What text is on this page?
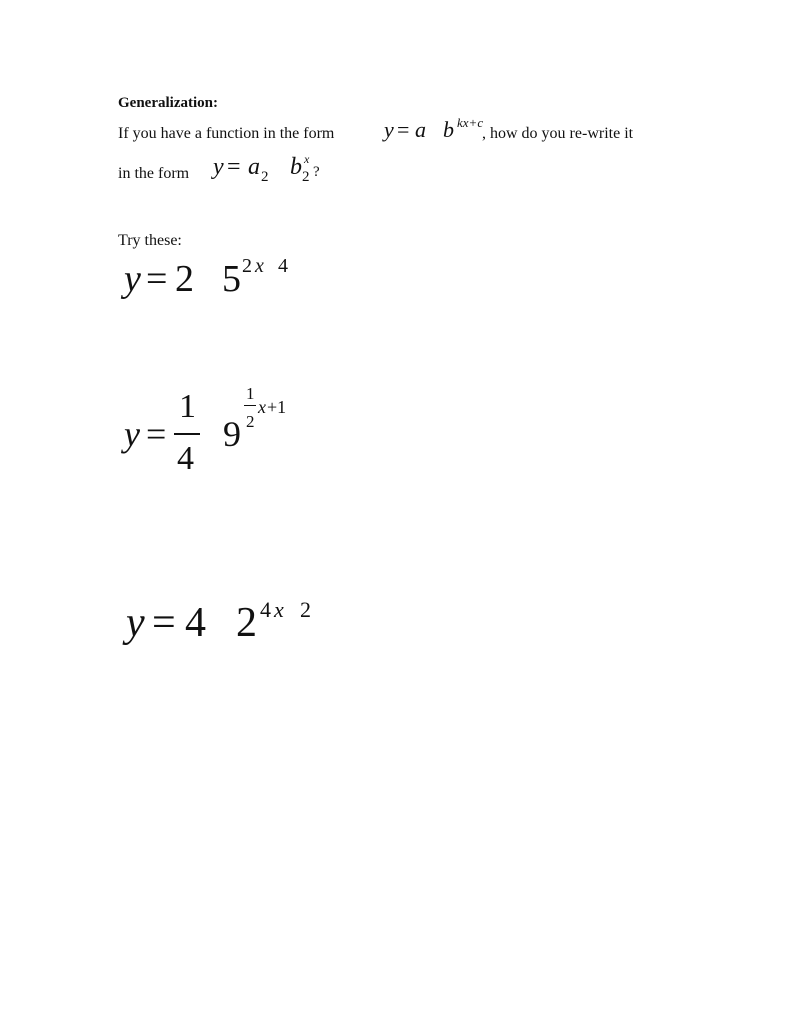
Generalization:
If you have a function in the form y = a b kx+c
, how do you re-write it
in the form y = a 2 b x
2 ?
Try these:
y = 2 5 2 x 4
y =
1
4
9
1
2
x +1
y = 4 2 4 x 2
